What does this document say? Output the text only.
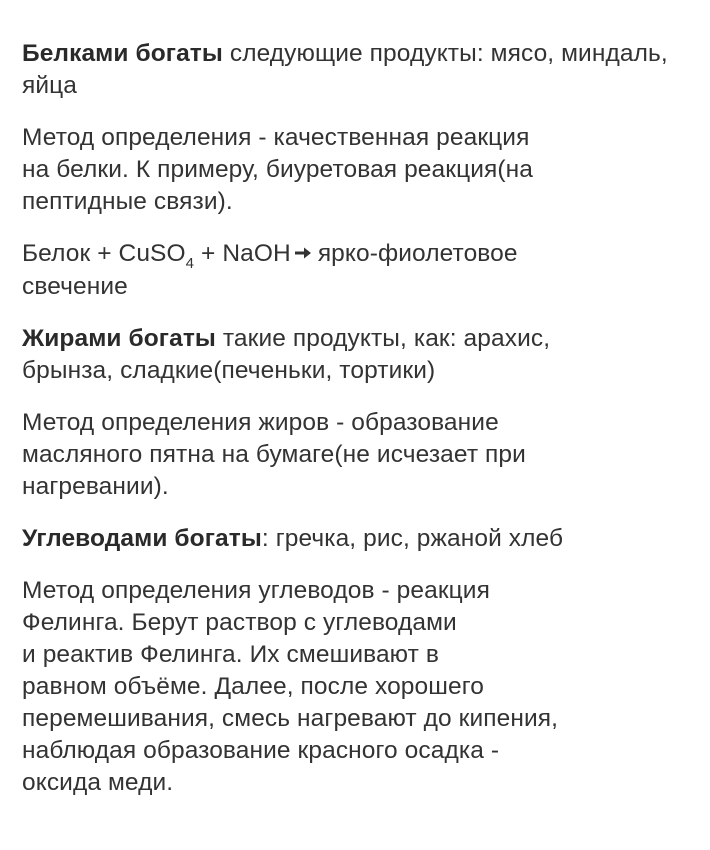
Белками богаты следующие продукты: мясо, миндаль, яйца

Метод определения - качественная реакция
на белки. К примеру, биуретовая реакция(на
пептидные связи).

Белок + CuSO$_4$ + NaOH ярко-фиолетовое
свечение

Жирами богаты такие продукты, как: арахис,
брынза, сладкие(печеньки, тортики)

Метод определения жиров - образование
масляного пятна на бумаге(не исчезает при
нагревании).

Углеводами богаты: гречка, рис, ржаной хлеб

Метод определения углеводов - реакция
Фелинга. Берут раствор с углеводами
и реактив Фелинга. Их смешивают в
равном объёме. Далее, после хорошего
перемешивания, смесь нагревают до кипения,
наблюдая образование красного осадка -
оксида меди.
